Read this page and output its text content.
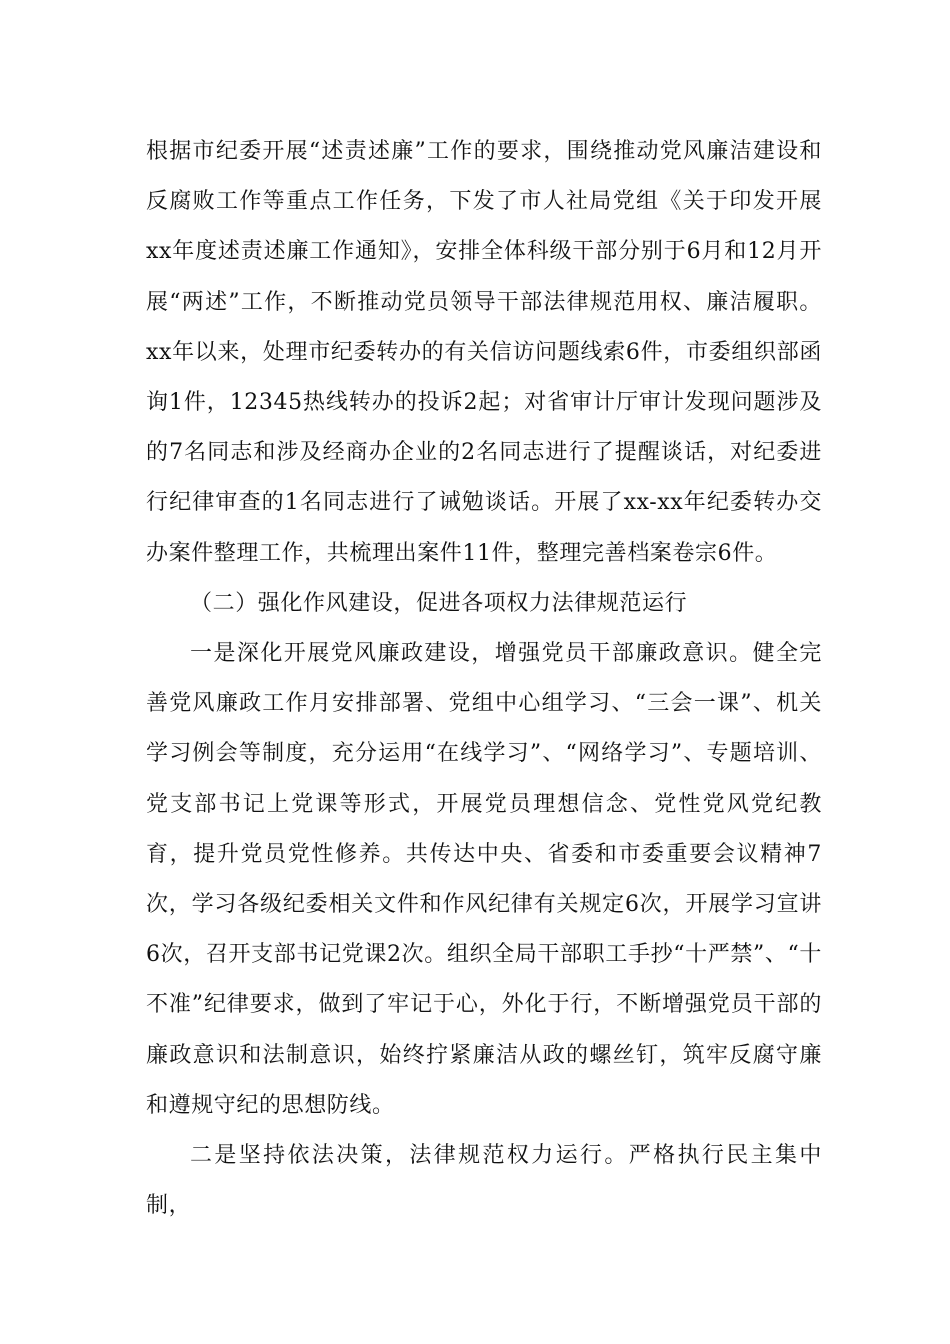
根据市纪委开展“述责述廉”工作的要求，围绕推动党风廉洁建设和反腐败工作等重点工作任务，下发了市人社局党组《关于印发开展xx年度述责述廉工作通知》，安排全体科级干部分别于6月和12月开展“两述”工作，不断推动党员领导干部法律规范用权、廉洁履职。xx年以来，处理市纪委转办的有关信访问题线索6件，市委组织部函询1件，12345热线转办的投诉2起；对省审计厅审计发现问题涉及的7名同志和涉及经商办企业的2名同志进行了提醒谈话，对纪委进行纪律审查的1名同志进行了诫勉谈话。开展了xx-xx年纪委转办交办案件整理工作，共梳理出案件11件，整理完善档案卷宗6件。

（二）强化作风建设，促进各项权力法律规范运行

一是深化开展党风廉政建设，增强党员干部廉政意识。健全完善党风廉政工作月安排部署、党组中心组学习、“三会一课”、机关学习例会等制度，充分运用“在线学习”、“网络学习”、专题培训、党支部书记上党课等形式，开展党员理想信念、党性党风党纪教育，提升党员党性修养。共传达中央、省委和市委重要会议精神7次，学习各级纪委相关文件和作风纪律有关规定6次，开展学习宣讲6次，召开支部书记党课2次。组织全局干部职工手抄“十严禁”、“十不准”纪律要求，做到了牢记于心，外化于行，不断增强党员干部的廉政意识和法制意识，始终拧紧廉洁从政的螺丝钉，筑牢反腐守廉和遵规守纪的思想防线。

二是坚持依法决策，法律规范权力运行。严格执行民主集中制，
